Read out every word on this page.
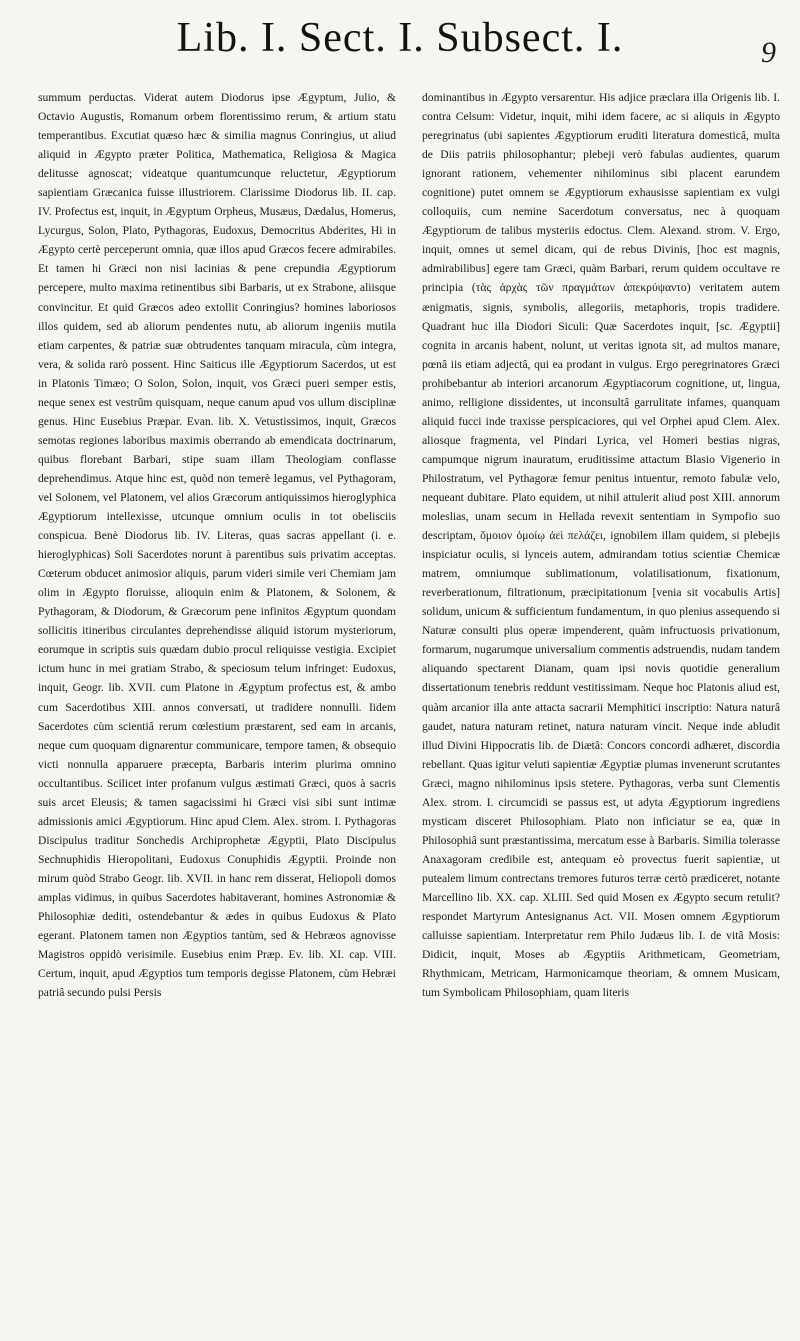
Lib. I. Sect. I. Subsect. I.	9

summum perductas. Viderat autem Diodorus ipse Ægyptum, Julio, & Octavio Augustis, Romanum orbem florentissimo rerum, & artium statu temperantibus. Excutiat quæso hæc & similia magnus Conringius, ut aliud aliquid in Ægypto præter Politica, Mathematica, Religiosa & Magica delitusse agnoscat; videatque quantumcunque reluctetur, Ægyptiorum sapientiam Græcanica fuisse illustriorem. Clarissime Diodorus lib. II. cap. IV. Profectus est, inquit, in Ægyptum Orpheus, Musæus, Dædalus, Homerus, Lycurgus, Solon, Plato, Pythagoras, Eudoxus, Democritus Abderites, Hi in Ægypto certè perceperunt omnia, quæ illos apud Græcos fecere admirabiles. Et tamen hi Græci non nisi lacinias & pene crepundia Ægyptiorum percepere, multo maxima retinentibus sibi Barbaris, ut ex Strabone, aliisque convincitur. Et quid Græcos adeo extollit Conringius? homines laboriosos illos quidem, sed ab aliorum pendentes nutu, ab aliorum ingeniis mutila etiam carpentes, & patriæ suæ obtrudentes tanquam miracula, cùm integra, vera, & solida rarò possent. Hinc Saiticus ille Ægyptiorum Sacerdos, ut est in Platonis Timæo; O Solon, Solon, inquit, vos Græci pueri semper estis, neque senex est vestrûm quisquam, neque canum apud vos ullum disciplinæ genus. Hinc Eusebius Præpar. Evan. lib. X. Vetustissimos, inquit, Græcos semotas regiones laboribus maximis oberrando ab emendicata doctrinarum, quibus florebant Barbari, stipe suam illam Theologiam conflasse deprehendimus. Atque hinc est, quòd non temerè legamus, vel Pythagoram, vel Solonem, vel Platonem, vel alios Græcorum antiquissimos hieroglyphica Ægyptiorum intellexisse, utcunque omnium oculis in tot obelisciis conspicua. Benè Diodorus lib. IV. Literas, quas sacras appellant (i. e. hieroglyphicas) Soli Sacerdotes norunt à parentibus suis privatim acceptas. Cœterum obducet animosior aliquis, parum videri simile veri Chemiam jam olim in Ægypto floruisse, alioquin enim & Platonem, & Solonem, & Pythagoram, & Diodorum, & Græcorum pene infinitos Ægyptum quondam sollicitis itineribus circulantes deprehendisse aliquid istorum mysteriorum, eorumque in scriptis suis quædam dubio procul reliquisse vestigia. Excipiet ictum hunc in mei gratiam Strabo, & speciosum telum infringet: Eudoxus, inquit, Geogr. lib. XVII. cum Platone in Ægyptum profectus est, & ambo cum Sacerdotibus XIII. annos conversati, ut tradidere nonnulli. Iidem Sacerdotes cùm scientiâ rerum cœlestium præstarent, sed eam in arcanis, neque cum quoquam dignarentur communicare, tempore tamen, & obsequio victi nonnulla apparuere præcepta, Barbaris interim plurima omnino occultantibus. Scilicet inter profanum vulgus æstimati Græci, quos à sacris suis arcet Eleusis; & tamen sagacissimi hi Græci visi sibi sunt intimæ admissionis amici Ægyptiorum. Hinc apud Clem. Alex. strom. I. Pythagoras Discipulus traditur Sonchedis Archiprophetæ Ægyptii, Plato Discipulus Sechnuphidis Hieropolitani, Eudoxus Conuphidis Ægyptii. Proinde non mirum quòd Strabo Geogr. lib. XVII. in hanc rem disserat, Heliopoli domos amplas vidimus, in quibus Sacerdotes habitaverant, homines Astronomiæ & Philosophiæ dediti, ostendebantur & ædes in quibus Eudoxus & Plato egerant. Platonem tamen non Ægyptios tantùm, sed & Hebræos agnovisse Magistros oppidò verisimile. Eusebius enim Præp. Ev. lib. XI. cap. VIII. Certum, inquit, apud Ægyptios tum temporis degisse Platonem, cùm Hebræi patriâ secundo pulsi Persis

dominantibus in Ægypto versarentur. His adjice præclara illa Origenis lib. I. contra Celsum: Videtur, inquit, mihi idem facere, ac si aliquis in Ægypto peregrinatus (ubi sapientes Ægyptiorum eruditi literatura domesticâ, multa de Diis patriis philosophantur; plebeji verò fabulas audientes, quarum ignorant rationem, vehementer nihilominus sibi placent earundem cognitione) putet omnem se Ægyptiorum exhausisse sapientiam ex vulgi colloquiis, cum nemine Sacerdotum conversatus, nec à quoquam Ægyptiorum de talibus mysteriis edoctus. Clem. Alexand. strom. V. Ergo, inquit, omnes ut semel dicam, qui de rebus Divinis, [hoc est magnis, admirabilibus] egere tam Græci, quàm Barbari, rerum quidem occultave re principia (τὰς ἀρχὰς τῶν πραγμάτων ἀπεκρύψαντο) veritatem autem ænigmatis, signis, symbolis, allegoriis, metaphoris, tropis tradidere. Quadrant huc illa Diodori Siculi: Quæ Sacerdotes inquit, [sc. Ægyptii] cognita in arcanis habent, nolunt, ut veritas ignota sit, ad multos manare, pœnâ iis etiam adjectâ, qui ea prodant in vulgus. Ergo peregrinatores Græci prohibebantur ab interiori arcanorum Ægyptiacorum cognitione, ut, lingua, animo, relligione dissidentes, ut inconsultâ garrulitate infames, quanquam aliquid fucci inde traxisse perspicaciores, qui vel Orphei apud Clem. Alex. aliosque fragmenta, vel Pindari Lyrica, vel Homeri bestias nigras, campumque nigrum inauratum, eruditissime attactum Blasio Vigenerio in Philostratum, vel Pythagoræ femur penitus intuentur, remoto fabulæ velo, nequeant dubitare. Plato equidem, ut nihil attulerit aliud post XIII. annorum moleslias, unam secum in Hellada revexit sententiam in Sympofio suo descriptam, ὅμοιον ὁμοίῳ ἀεὶ πελάζει, ignobilem illam quidem, si plebejis inspiciatur oculis, si lynceis autem, admirandam totius scientiæ Chemicæ matrem, omniumque sublimationum, volatilisationum, fixationum, reverberationum, filtrationum, præcipitationum [venia sit vocabulis Artis] solidum, unicum & sufficientum fundamentum, in quo plenius assequendo si Naturæ consulti plus operæ impenderent, quàm infructuosis privationum, formarum, nugarumque universalium commentis adstruendis, nudam tandem aliquando spectarent Dianam, quam ipsi novis quotidie generalium dissertationum tenebris reddunt vestitissimam. Neque hoc Platonis aliud est, quàm arcanior illa ante attacta sacrarii Memphitici inscriptio: Natura naturâ gaudet, natura naturam retinet, natura naturam vincit. Neque inde abludit illud Divini Hippocratis lib. de Diætâ: Concors concordi adhæret, discordia rebellant. Quas igitur veluti sapientiæ Ægyptiæ plumas invenerunt scrutantes Græci, magno nihilominus ipsis stetere. Pythagoras, verba sunt Clementis Alex. strom. I. circumcidi se passus est, ut adyta Ægyptiorum ingrediens mysticam disceret Philosophiam. Plato non inficiatur se ea, quæ in Philosophiâ sunt præstantissima, mercatum esse à Barbaris. Similia tolerasse Anaxagoram credibile est, antequam eò provectus fuerit sapientiæ, ut putealem limum contrectans tremores futuros terræ certò prædiceret, notante Marcellino lib. XX. cap. XLIII. Sed quid Mosen ex Ægypto secum retulit? respondet Martyrum Antesignanus Act. VII. Mosen omnem Ægyptiorum calluisse sapientiam. Interpretatur rem Philo Judæus lib. I. de vitâ Mosis: Didicit, inquit, Moses ab Ægyptiis Arithmeticam, Geometriam, Rhythmicam, Metricam, Harmonicamque theoriam, & omnem Musicam, tum Symbolicam Philosophiam, quam literis
